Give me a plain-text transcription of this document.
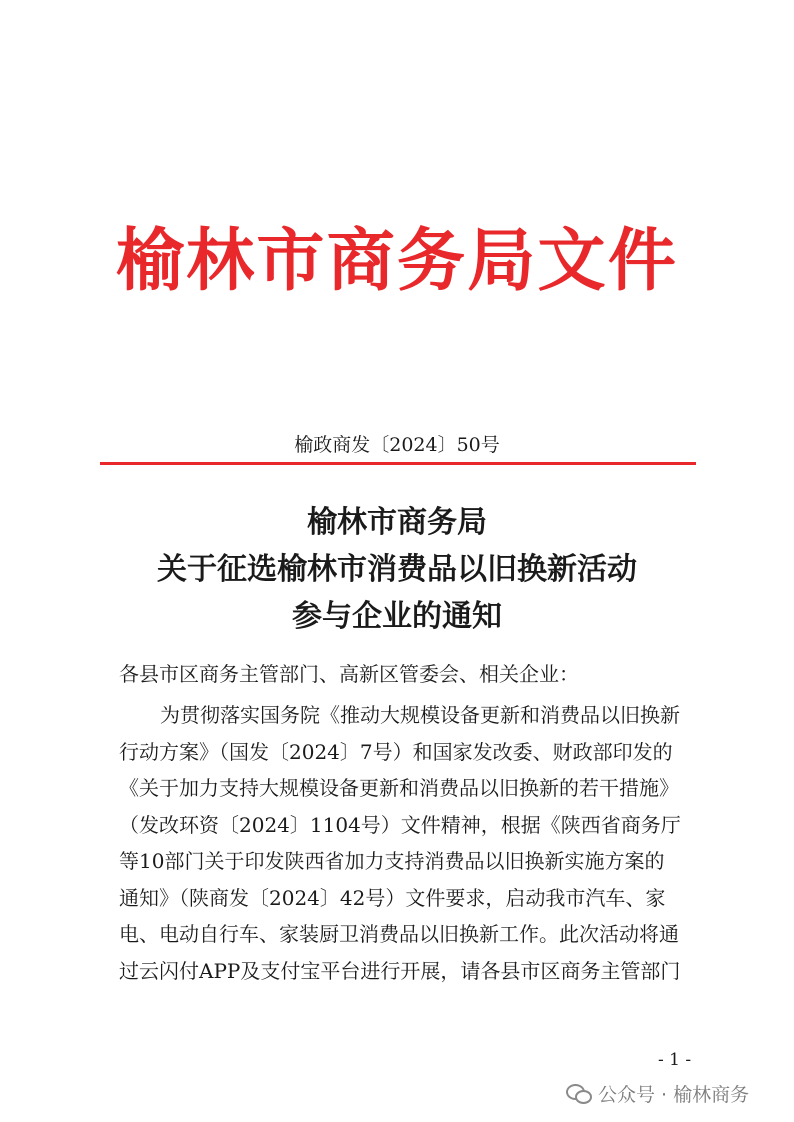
榆林市商务局文件
榆政商发〔2024〕50号
榆林市商务局
关于征选榆林市消费品以旧换新活动
参与企业的通知
各县市区商务主管部门、高新区管委会、相关企业：
为贯彻落实国务院《推动大规模设备更新和消费品以旧换新
行动方案》（国发〔2024〕7号）和国家发改委、财政部印发的
《关于加力支持大规模设备更新和消费品以旧换新的若干措施》
（发改环资〔2024〕1104号）文件精神，根据《陕西省商务厅
等10部门关于印发陕西省加力支持消费品以旧换新实施方案的
通知》（陕商发〔2024〕42号）文件要求，启动我市汽车、家
电、电动自行车、家装厨卫消费品以旧换新工作。此次活动将通
过云闪付APP及支付宝平台进行开展，请各县市区商务主管部门
- 1 -
公众号 · 榆林商务
